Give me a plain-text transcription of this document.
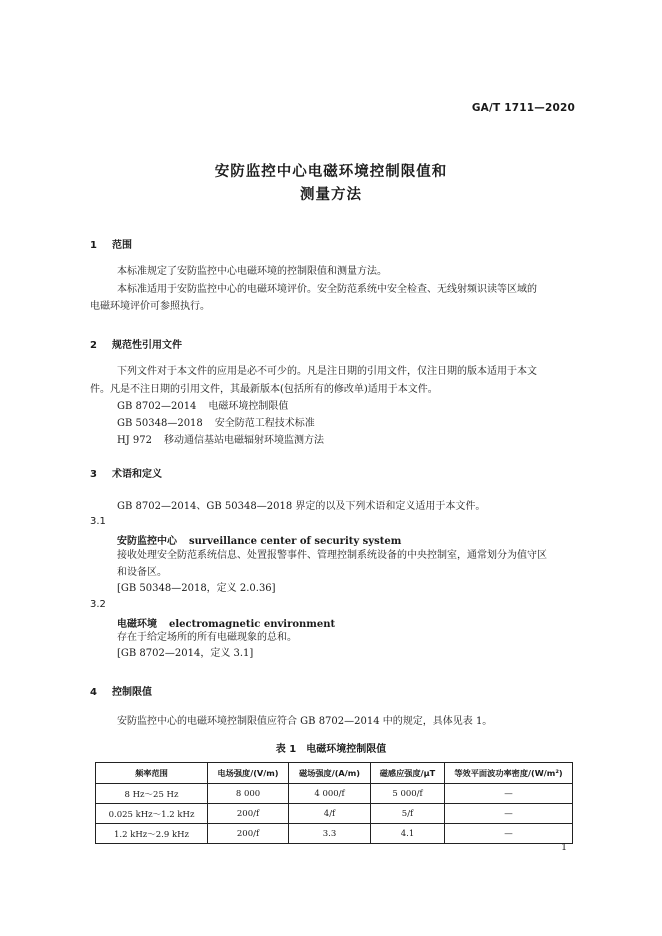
GA/T 1711—2020
安防监控中心电磁环境控制限值和
测量方法
1 范围
本标准规定了安防监控中心电磁环境的控制限值和测量方法。
本标准适用于安防监控中心的电磁环境评价。安全防范系统中安全检查、无线射频识读等区域的
电磁环境评价可参照执行。
2 规范性引用文件
下列文件对于本文件的应用是必不可少的。凡是注日期的引用文件，仅注日期的版本适用于本文
件。凡是不注日期的引用文件，其最新版本(包括所有的修改单)适用于本文件。
GB 8702—2014 电磁环境控制限值
GB 50348—2018 安全防范工程技术标准
HJ 972 移动通信基站电磁辐射环境监测方法
3 术语和定义
GB 8702—2014、GB 50348—2018 界定的以及下列术语和定义适用于本文件。
3.1
安防监控中心 surveillance center of security system
接收处理安全防范系统信息、处置报警事件、管理控制系统设备的中央控制室，通常划分为值守区
和设备区。
[GB 50348—2018，定义 2.0.36]
3.2
电磁环境 electromagnetic environment
存在于给定场所的所有电磁现象的总和。
[GB 8702—2014，定义 3.1]
4 控制限值
安防监控中心的电磁环境控制限值应符合 GB 8702—2014 中的规定，具体见表 1。
表 1　电磁环境控制限值
频率范围	电场强度/(V/m)	磁场强度/(A/m)	磁感应强度/μT	等效平面波功率密度/(W/m²)
8 Hz～25 Hz	8 000	4 000/f	5 000/f	—
0.025 kHz～1.2 kHz	200/f	4/f	5/f	—
1.2 kHz～2.9 kHz	200/f	3.3	4.1	—
1
